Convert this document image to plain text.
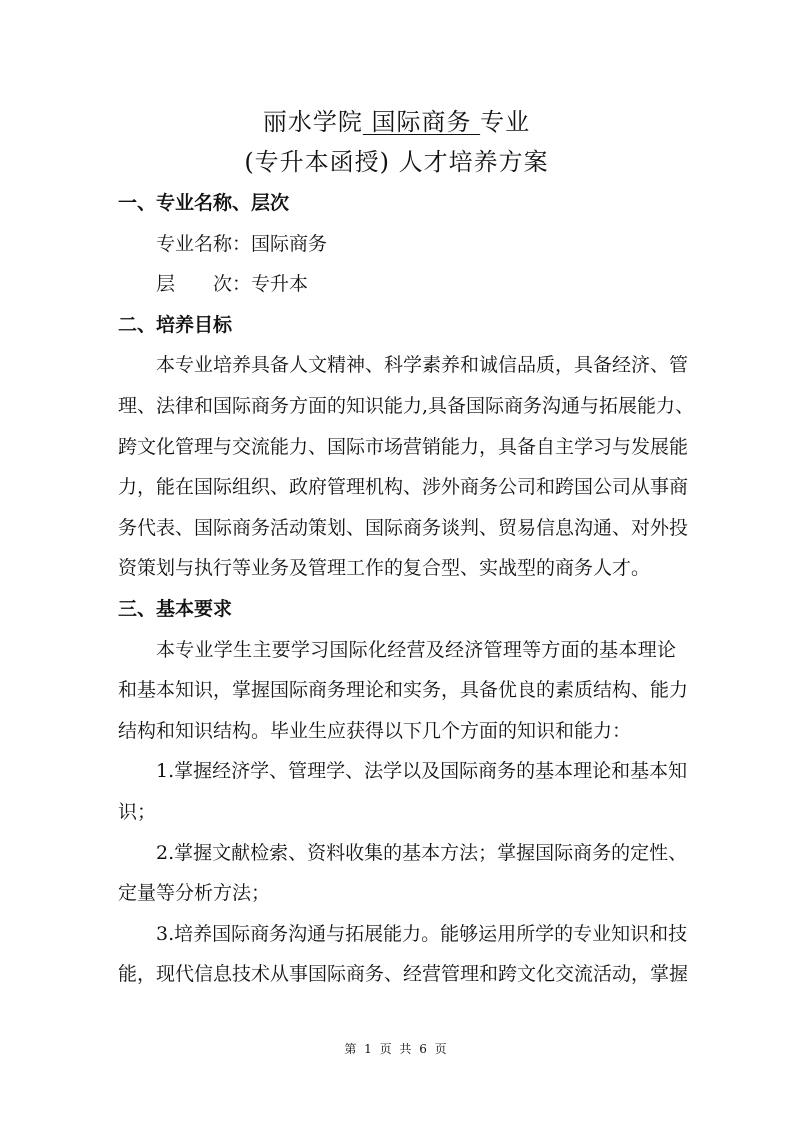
丽水学院 国际商务 专业
(专升本函授) 人才培养方案
一、专业名称、层次
专业名称：国际商务
层　　次：专升本
二、培养目标
本专业培养具备人文精神、科学素养和诚信品质，具备经济、管
理、法律和国际商务方面的知识能力,具备国际商务沟通与拓展能力、
跨文化管理与交流能力、国际市场营销能力，具备自主学习与发展能
力，能在国际组织、政府管理机构、涉外商务公司和跨国公司从事商
务代表、国际商务活动策划、国际商务谈判、贸易信息沟通、对外投
资策划与执行等业务及管理工作的复合型、实战型的商务人才。
三、基本要求
本专业学生主要学习国际化经营及经济管理等方面的基本理论
和基本知识，掌握国际商务理论和实务，具备优良的素质结构、能力
结构和知识结构。毕业生应获得以下几个方面的知识和能力：
1.掌握经济学、管理学、法学以及国际商务的基本理论和基本知
识；
2.掌握文献检索、资料收集的基本方法；掌握国际商务的定性、
定量等分析方法；
3.培养国际商务沟通与拓展能力。能够运用所学的专业知识和技
能，现代信息技术从事国际商务、经营管理和跨文化交流活动，掌握
第 1 页 共 6 页
